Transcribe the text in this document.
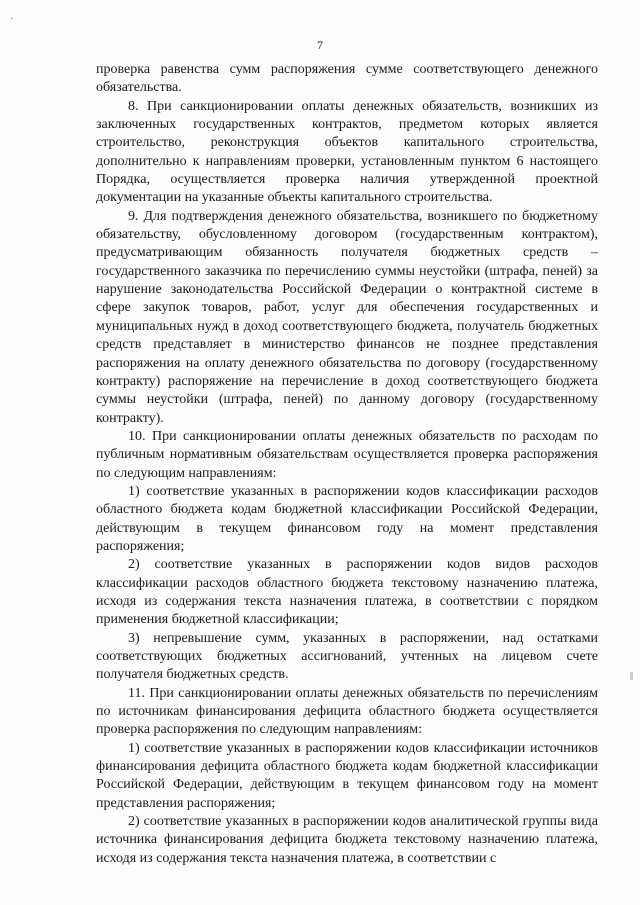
·
7

проверка равенства сумм распоряжения сумме соответствующего денежного обязательства.

8. При санкционировании оплаты денежных обязательств, возникших из заключенных государственных контрактов, предметом которых является строительство, реконструкция объектов капитального строительства, дополнительно к направлениям проверки, установленным пунктом 6 настоящего Порядка, осуществляется проверка наличия утвержденной проектной документации на указанные объекты капитального строительства.

9. Для подтверждения денежного обязательства, возникшего по бюджетному обязательству, обусловленному договором (государственным контрактом), предусматривающим обязанность получателя бюджетных средств – государственного заказчика по перечислению суммы неустойки (штрафа, пеней) за нарушение законодательства Российской Федерации о контрактной системе в сфере закупок товаров, работ, услуг для обеспечения государственных и муниципальных нужд в доход соответствующего бюджета, получатель бюджетных средств представляет в министерство финансов не позднее представления распоряжения на оплату денежного обязательства по договору (государственному контракту) распоряжение на перечисление в доход соответствующего бюджета суммы неустойки (штрафа, пеней) по данному договору (государственному контракту).

10. При санкционировании оплаты денежных обязательств по расходам по публичным нормативным обязательствам осуществляется проверка распоряжения по следующим направлениям:

1) соответствие указанных в распоряжении кодов классификации расходов областного бюджета кодам бюджетной классификации Российской Федерации, действующим в текущем финансовом году на момент представления распоряжения;

2) соответствие указанных в распоряжении кодов видов расходов классификации расходов областного бюджета текстовому назначению платежа, исходя из содержания текста назначения платежа, в соответствии с порядком применения бюджетной классификации;

3) непревышение сумм, указанных в распоряжении, над остатками соответствующих бюджетных ассигнований, учтенных на лицевом счете получателя бюджетных средств.

11. При санкционировании оплаты денежных обязательств по перечислениям по источникам финансирования дефицита областного бюджета осуществляется проверка распоряжения по следующим направлениям:

1) соответствие указанных в распоряжении кодов классификации источников финансирования дефицита областного бюджета кодам бюджетной классификации Российской Федерации, действующим в текущем финансовом году на момент представления распоряжения;

2) соответствие указанных в распоряжении кодов аналитической группы вида источника финансирования дефицита бюджета текстовому назначению платежа, исходя из содержания текста назначения платежа, в соответствии с
